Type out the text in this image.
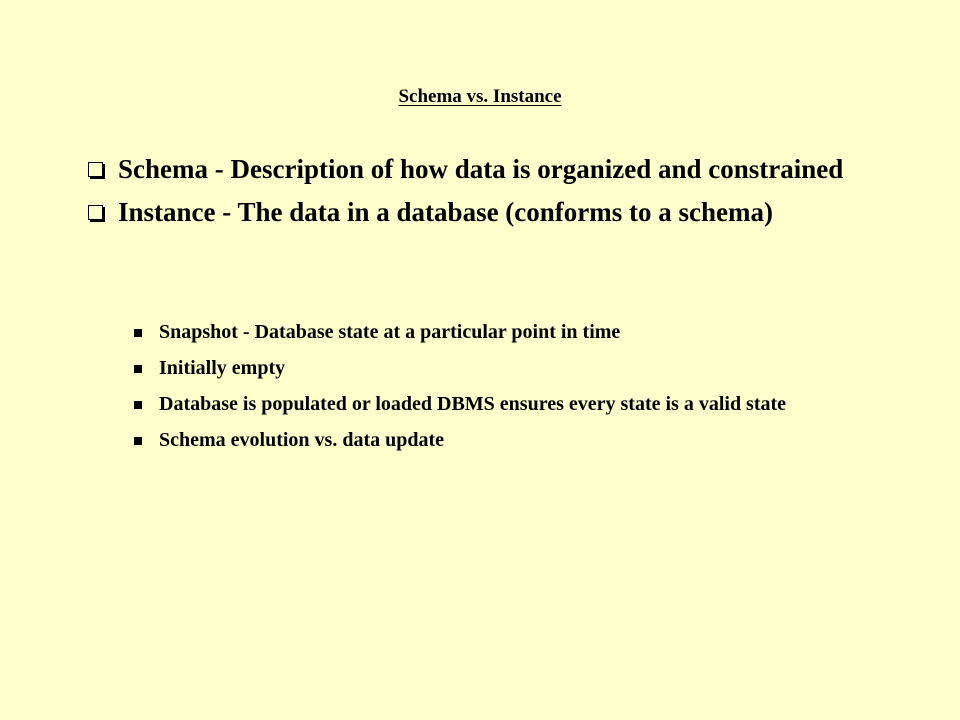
Schema vs. Instance
Schema - Description of how data is organized and constrained
Instance - The data in a database (conforms to a schema)
Snapshot - Database state at a particular point in time
Initially empty
Database is populated or loaded DBMS ensures every state is a valid state
Schema evolution vs. data update
